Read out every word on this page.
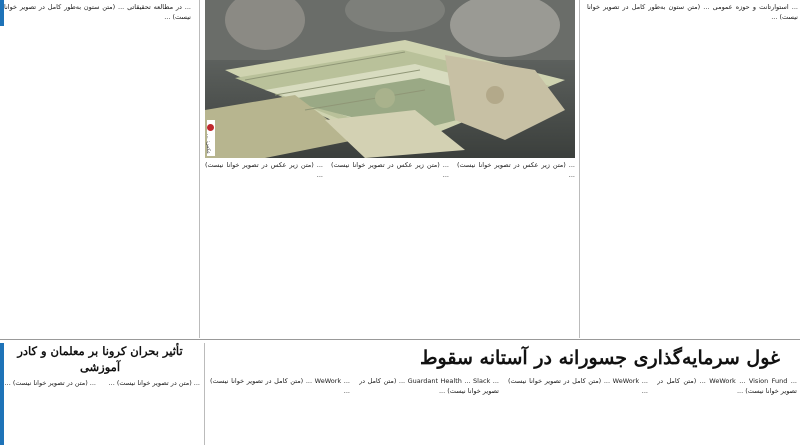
... در مطالعه تحقیقاتی ... (متن ستون به‌طور کامل در تصویر خوانا نیست) ...

عکس: ...
... (متن زیر عکس در تصویر خوانا نیست) ...
... (متن زیر عکس در تصویر خوانا نیست) ...
... (متن زیر عکس در تصویر خوانا نیست) ...

... استوارتانت و حوزه عمومی ... (متن ستون به‌طور کامل در تصویر خوانا نیست) ...

غول سرمایه‌گذاری جسورانه در آستانه سقوط
... WeWork ... Vision Fund ... (متن کامل در تصویر خوانا نیست) ...
... WeWork ... (متن کامل در تصویر خوانا نیست) ...
... Guardant Health ... Slack ... (متن کامل در تصویر خوانا نیست) ...
... WeWork ... (متن کامل در تصویر خوانا نیست) ...
تأثیر بحران کرونا بر معلمان و کادر آموزشی
... (متن در تصویر خوانا نیست) ...
... (متن در تصویر خوانا نیست) ...
